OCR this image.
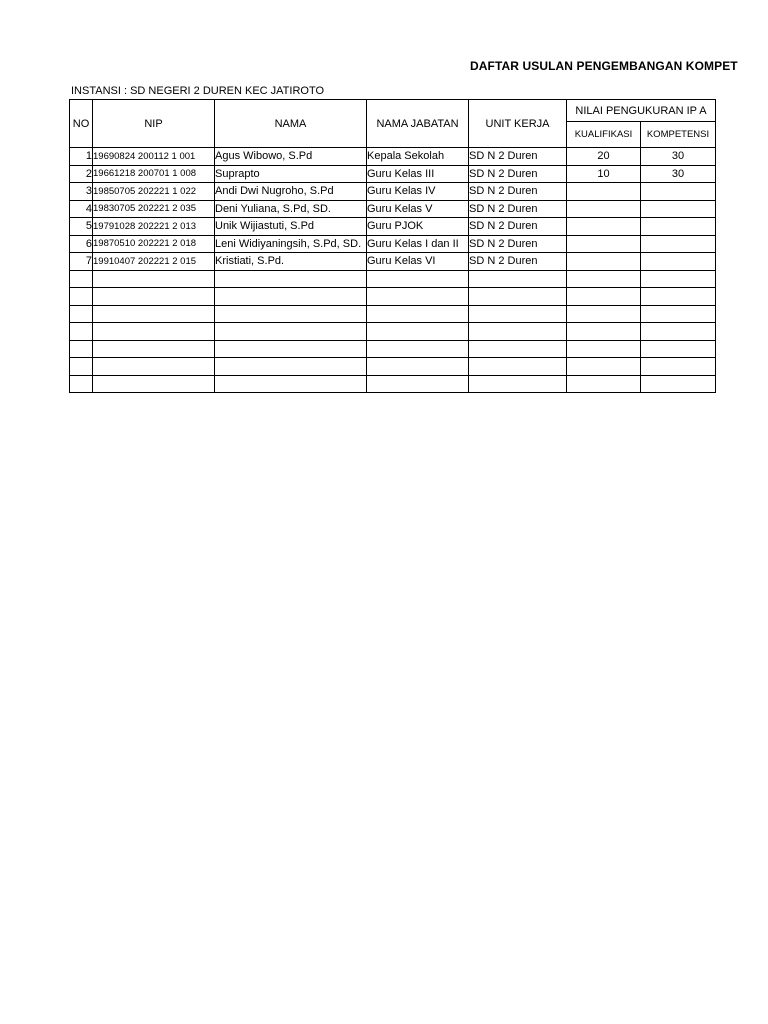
DAFTAR USULAN PENGEMBANGAN KOMPET
INSTANSI : SD NEGERI 2 DUREN KEC JATIROTO
NO	NIP	NAMA	NAMA JABATAN	UNIT KERJA	NILAI PENGUKURAN IP A	
					KUALIFIKASI	KOMPETENSI
1	19690824 200112 1 001	Agus Wibowo, S.Pd	Kepala Sekolah	SD N 2 Duren	20	30
2	19661218 200701 1 008	Suprapto	Guru Kelas III	SD N 2 Duren	10	30
3	19850705 202221 1 022	Andi Dwi Nugroho, S.Pd	Guru Kelas IV	SD N 2 Duren		
4	19830705 202221 2 035	Deni Yuliana, S.Pd, SD.	Guru Kelas V	SD N 2 Duren		
5	19791028 202221 2 013	Unik Wijiastuti, S.Pd	Guru PJOK	SD N 2 Duren		
6	19870510 202221 2 018	Leni Widiyaningsih, S.Pd, SD.	Guru Kelas I dan II	SD N 2 Duren		
7	19910407 202221 2 015	Kristiati, S.Pd.	Guru Kelas VI	SD N 2 Duren		
